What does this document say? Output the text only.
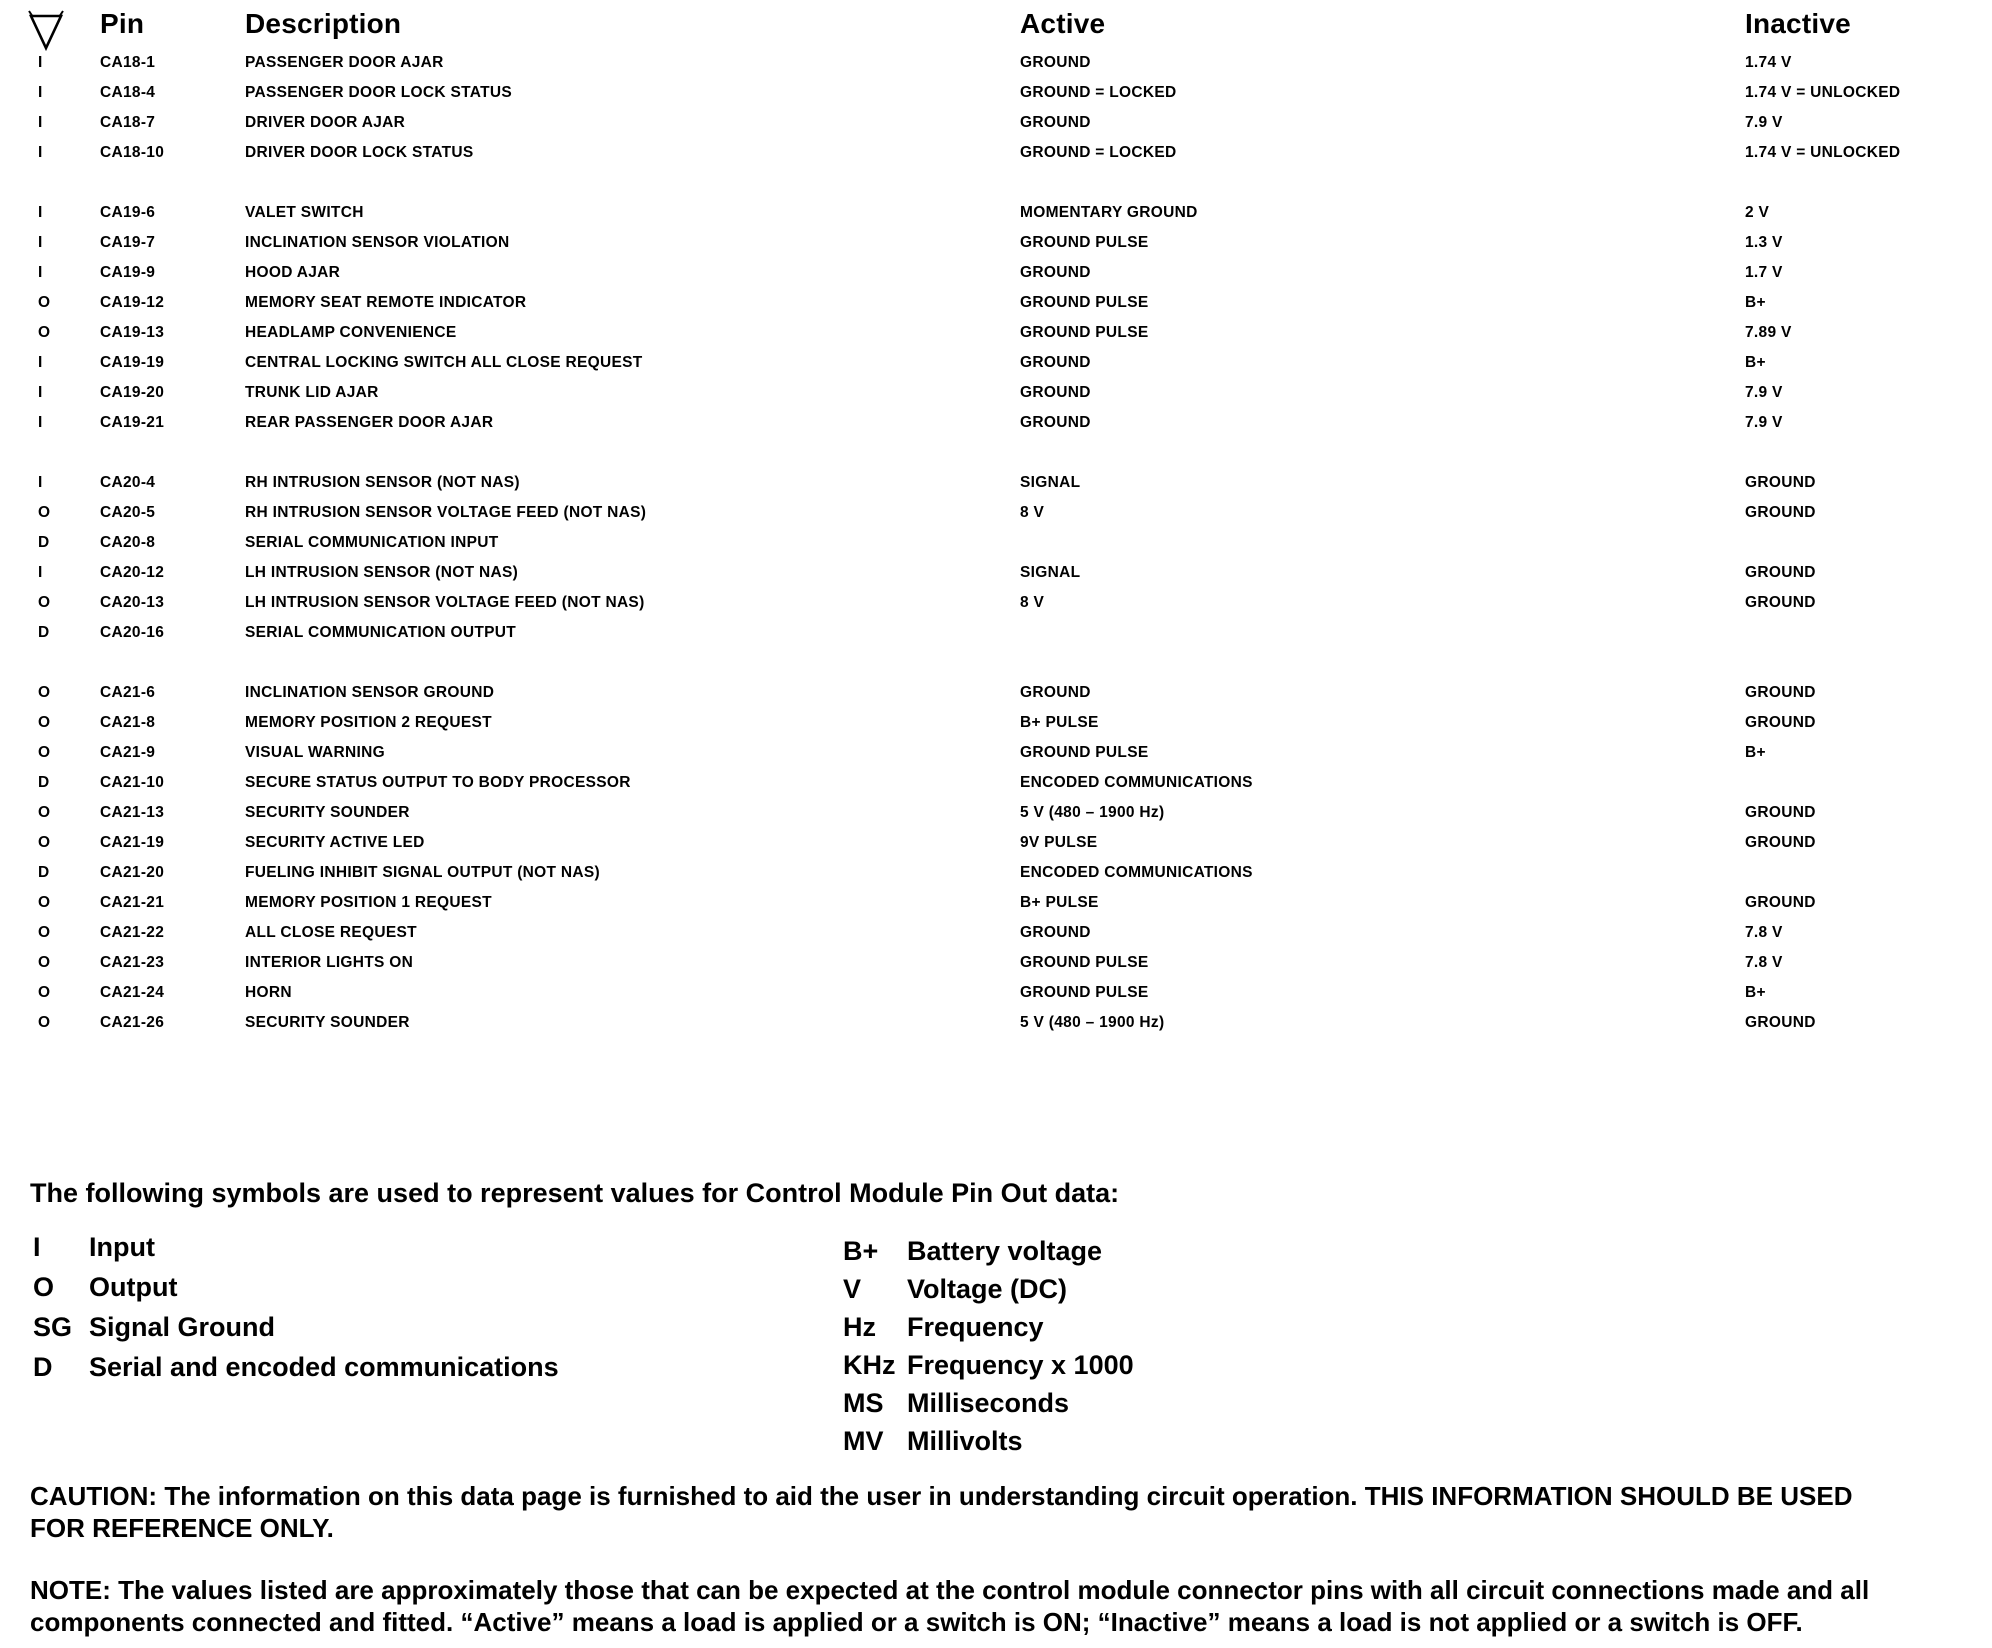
Pin	Description	Active	Inactive
I	CA18-1	PASSENGER DOOR AJAR	GROUND	1.74 V
I	CA18-4	PASSENGER DOOR LOCK STATUS	GROUND = LOCKED	1.74 V = UNLOCKED
I	CA18-7	DRIVER DOOR AJAR	GROUND	7.9 V
I	CA18-10	DRIVER DOOR LOCK STATUS	GROUND = LOCKED	1.74 V = UNLOCKED
I	CA19-6	VALET SWITCH	MOMENTARY GROUND	2 V
I	CA19-7	INCLINATION SENSOR VIOLATION	GROUND PULSE	1.3 V
I	CA19-9	HOOD AJAR	GROUND	1.7 V
O	CA19-12	MEMORY SEAT REMOTE INDICATOR	GROUND PULSE	B+
O	CA19-13	HEADLAMP CONVENIENCE	GROUND PULSE	7.89 V
I	CA19-19	CENTRAL LOCKING SWITCH ALL CLOSE REQUEST	GROUND	B+
I	CA19-20	TRUNK LID AJAR	GROUND	7.9 V
I	CA19-21	REAR PASSENGER DOOR AJAR	GROUND	7.9 V
I	CA20-4	RH INTRUSION SENSOR (NOT NAS)	SIGNAL	GROUND
O	CA20-5	RH INTRUSION SENSOR VOLTAGE FEED (NOT NAS)	8 V	GROUND
D	CA20-8	SERIAL COMMUNICATION INPUT
I	CA20-12	LH INTRUSION SENSOR (NOT NAS)	SIGNAL	GROUND
O	CA20-13	LH INTRUSION SENSOR VOLTAGE FEED (NOT NAS)	8 V	GROUND
D	CA20-16	SERIAL COMMUNICATION OUTPUT
O	CA21-6	INCLINATION SENSOR GROUND	GROUND	GROUND
O	CA21-8	MEMORY POSITION 2 REQUEST	B+ PULSE	GROUND
O	CA21-9	VISUAL WARNING	GROUND PULSE	B+
D	CA21-10	SECURE STATUS OUTPUT TO BODY PROCESSOR	ENCODED COMMUNICATIONS
O	CA21-13	SECURITY SOUNDER	5 V (480 – 1900 Hz)	GROUND
O	CA21-19	SECURITY ACTIVE LED	9V PULSE	GROUND
D	CA21-20	FUELING INHIBIT SIGNAL OUTPUT (NOT NAS)	ENCODED COMMUNICATIONS
O	CA21-21	MEMORY POSITION 1 REQUEST	B+ PULSE	GROUND
O	CA21-22	ALL CLOSE REQUEST	GROUND	7.8 V
O	CA21-23	INTERIOR LIGHTS ON	GROUND PULSE	7.8 V
O	CA21-24	HORN	GROUND PULSE	B+
O	CA21-26	SECURITY SOUNDER	5 V (480 – 1900 Hz)	GROUND
The following symbols are used to represent values for Control Module Pin Out data:
I	Input
O	Output
SG Signal Ground
D	Serial and encoded communications
B+	Battery voltage
V	Voltage (DC)
Hz	Frequency
KHz Frequency x 1000
MS Milliseconds
MV Millivolts
CAUTION: The information on this data page is furnished to aid the user in understanding circuit operation. THIS INFORMATION SHOULD BE USED
FOR REFERENCE ONLY.
NOTE: The values listed are approximately those that can be expected at the control module connector pins with all circuit connections made and all
components connected and fitted. “Active” means a load is applied or a switch is ON; “Inactive” means a load is not applied or a switch is OFF.
